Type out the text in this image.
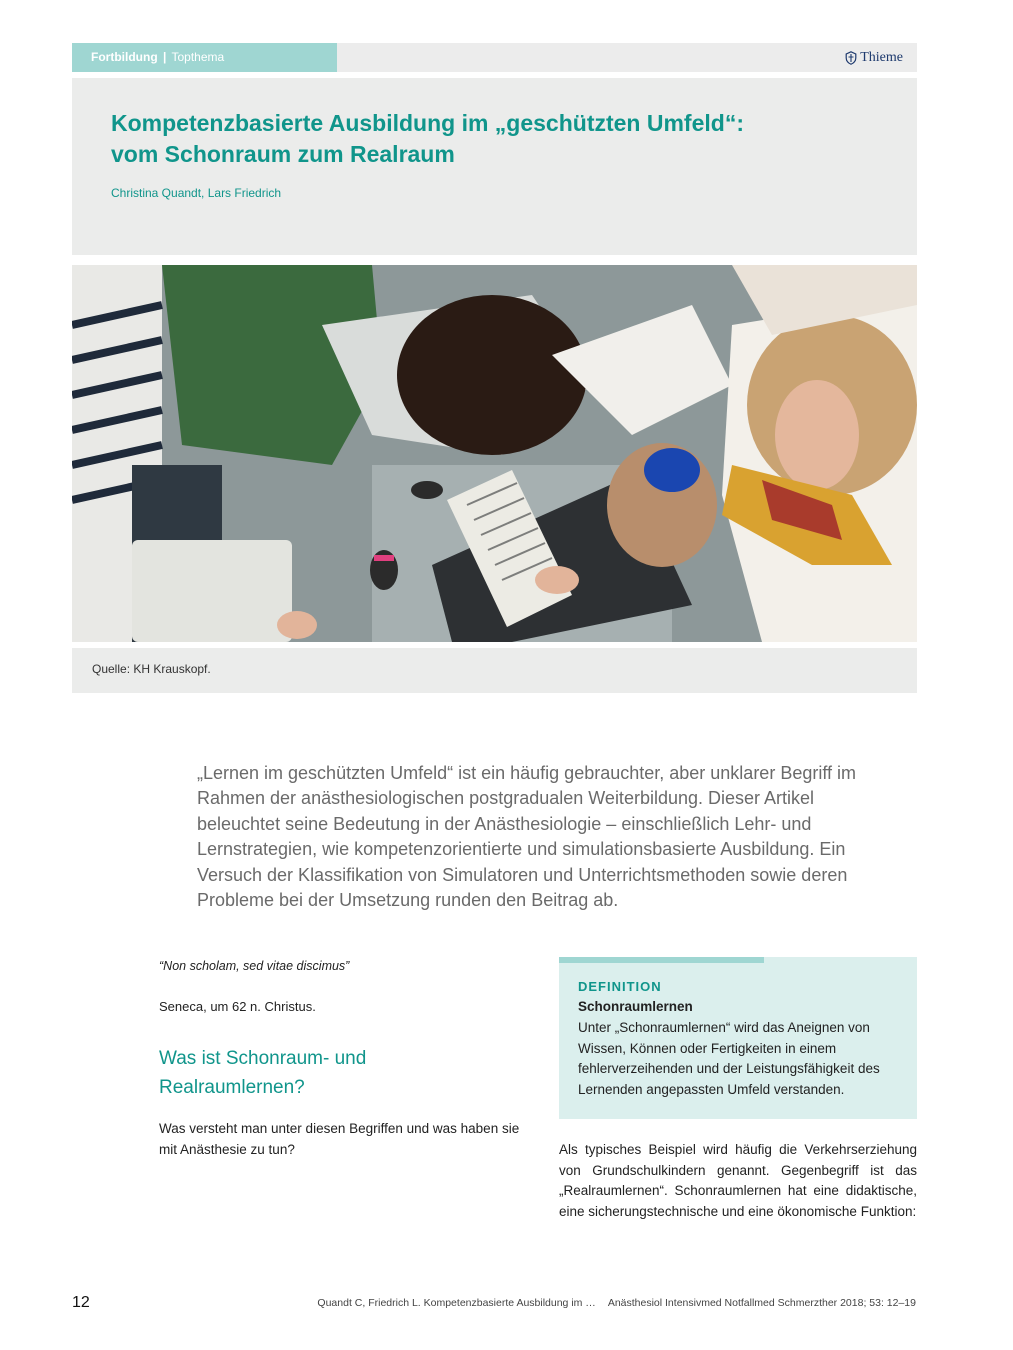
Fortbildung | Topthema	Thieme
Kompetenzbasierte Ausbildung im „geschützten Umfeld“:
vom Schonraum zum Realraum
Christina Quandt, Lars Friedrich
Quelle: KH Krauskopf.

„Lernen im geschützten Umfeld“ ist ein häufig gebrauchter, aber unklarer Begriff im Rahmen der anästhesiologischen postgradualen Weiterbildung. Dieser Artikel beleuchtet seine Bedeutung in der Anästhesiologie – einschließlich Lehr- und Lernstrategien, wie kompetenzorientierte und simulationsbasierte Ausbildung. Ein Versuch der Klassifikation von Simulatoren und Unterrichtsmethoden sowie deren Probleme bei der Umsetzung runden den Beitrag ab.

“Non scholam, sed vitae discimus”
Seneca, um 62 n. Christus.
Was ist Schonraum- und Realraumlernen?

Was versteht man unter diesen Begriffen und was haben sie mit Anästhesie zu tun?

DEFINITION
Schonraumlernen

Unter „Schonraumlernen“ wird das Aneignen von Wissen, Können oder Fertigkeiten in einem fehlerverzeihenden und der Leistungsfähigkeit des Lernenden angepassten Umfeld verstanden.

Als typisches Beispiel wird häufig die Verkehrserziehung von Grundschulkindern genannt. Gegenbegriff ist das „Realraumlernen“. Schonraumlernen hat eine didaktische, eine sicherungstechnische und eine ökonomische Funktion:

12	Quandt C, Friedrich L. Kompetenzbasierte Ausbildung im … Anästhesiol Intensivmed Notfallmed Schmerzther 2018; 53: 12–19
